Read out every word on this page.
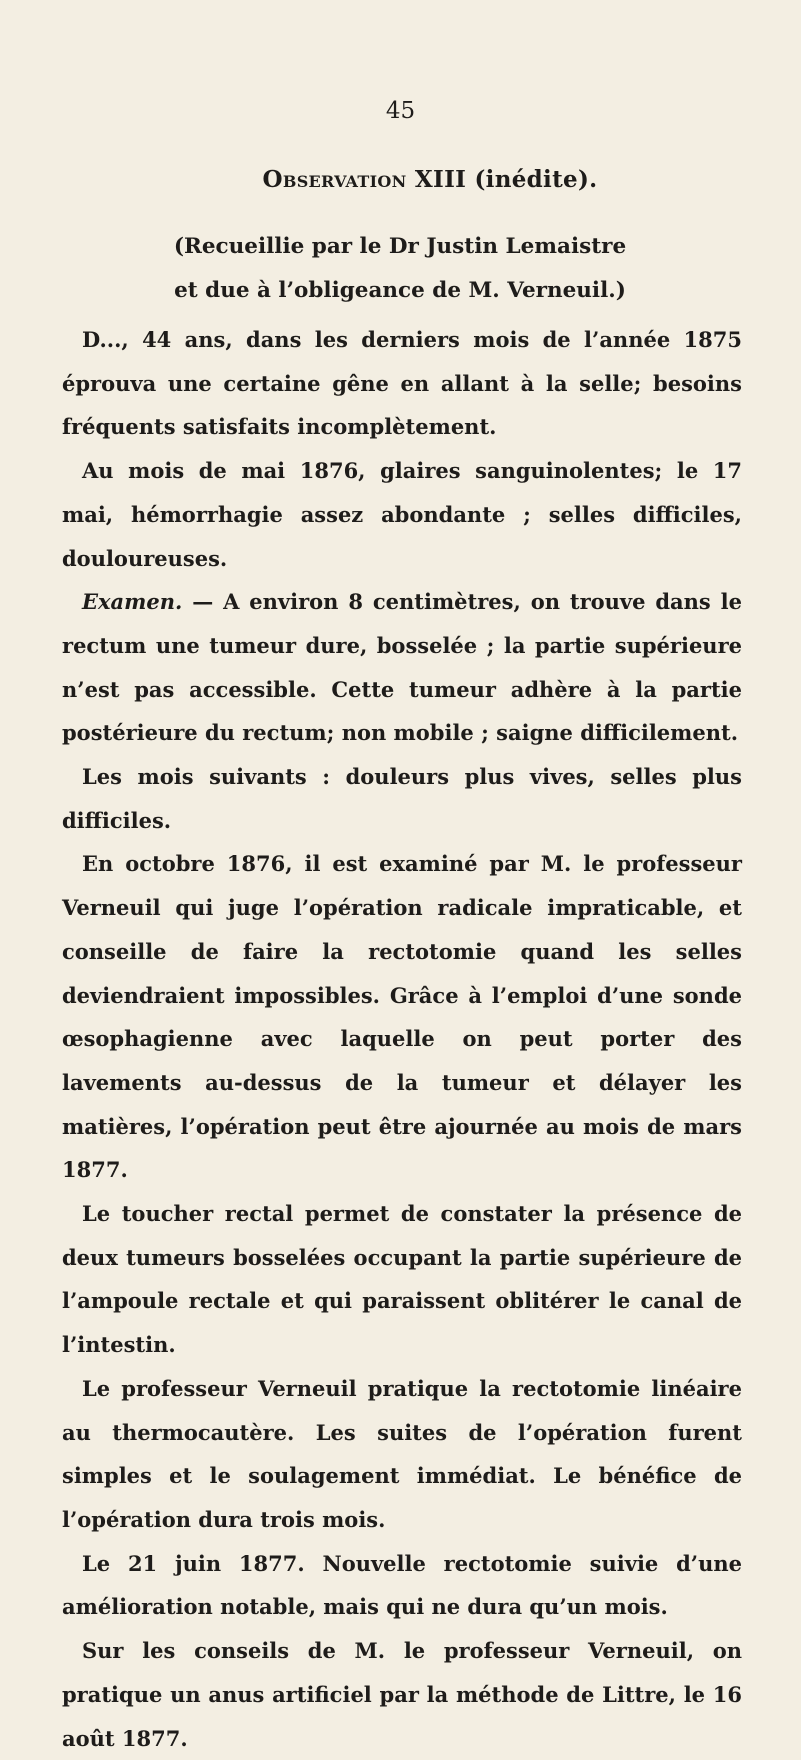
45
Observation XIII (inédite).
(Recueillie par le Dr Justin Lemaistre
et due à l’obligeance de M. Verneuil.)

D..., 44 ans, dans les derniers mois de l’année 1875 éprouva une certaine gêne en allant à la selle; besoins fréquents satisfaits incomplètement.

Au mois de mai 1876, glaires sanguinolentes; le 17 mai, hémorrhagie assez abondante ; selles difficiles, douloureuses.

Examen. — A environ 8 centimètres, on trouve dans le rectum une tumeur dure, bosselée ; la partie supérieure n’est pas accessible. Cette tumeur adhère à la partie postérieure du rectum; non mobile ; saigne difficilement.

Les mois suivants : douleurs plus vives, selles plus difficiles.

En octobre 1876, il est examiné par M. le professeur Verneuil qui juge l’opération radicale impraticable, et conseille de faire la rectotomie quand les selles deviendraient impossibles. Grâce à l’emploi d’une sonde œsophagienne avec laquelle on peut porter des lavements au-dessus de la tumeur et délayer les matières, l’opération peut être ajournée au mois de mars 1877.

Le toucher rectal permet de constater la présence de deux tumeurs bosselées occupant la partie supérieure de l’ampoule rectale et qui paraissent oblitérer le canal de l’intestin.

Le professeur Verneuil pratique la rectotomie linéaire au thermocautère. Les suites de l’opération furent simples et le soulagement immédiat. Le bénéfice de l’opération dura trois mois.

Le 21 juin 1877. Nouvelle rectotomie suivie d’une amélioration notable, mais qui ne dura qu’un mois.

Sur les conseils de M. le professeur Verneuil, on pratique un anus artificiel par la méthode de Littre, le 16 août 1877.
